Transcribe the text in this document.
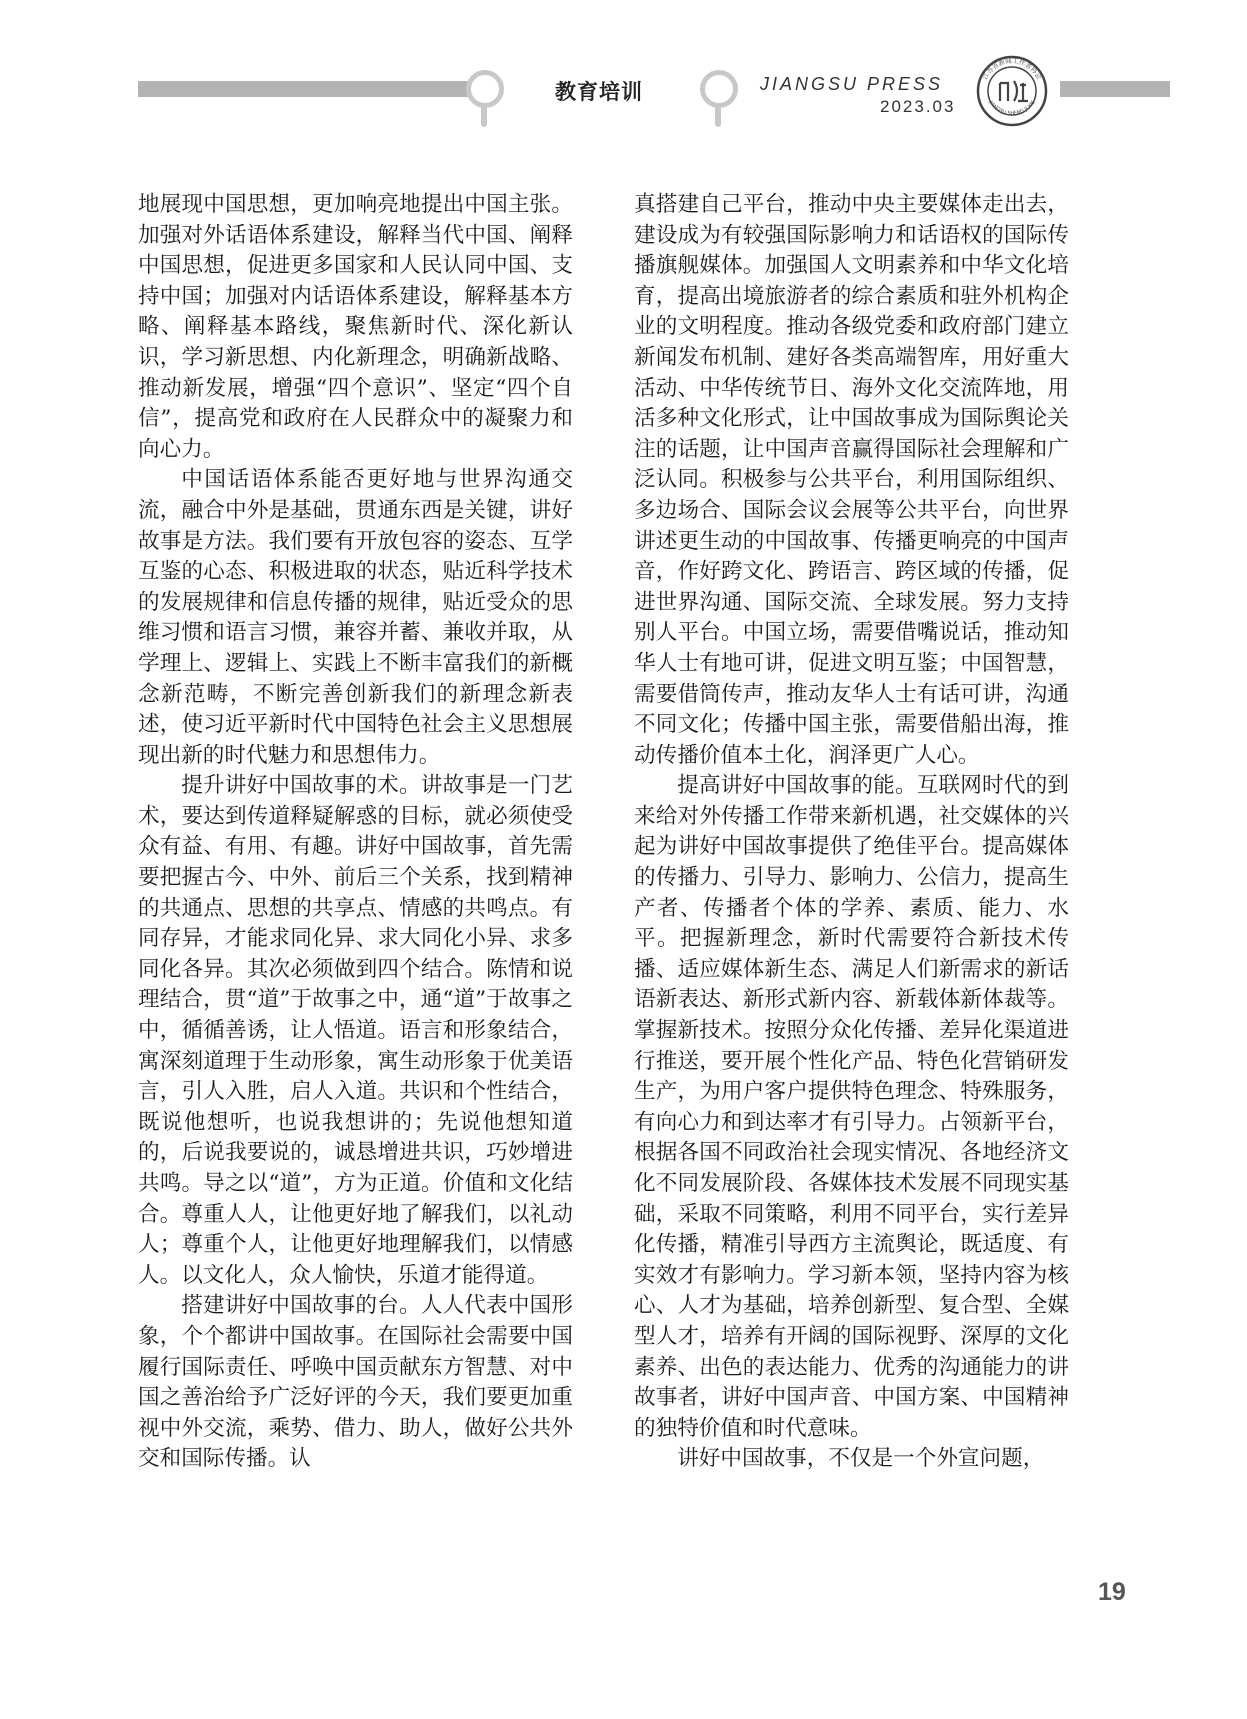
教育培训	JIANGSU PRESS
2023.03
江苏省新闻工作者协会
JIANGSU SHENG JI XIE

地展现中国思想，更加响亮地提出中国主张。加强对外话语体系建设，解释当代中国、阐释中国思想，促进更多国家和人民认同中国、支持中国；加强对内话语体系建设，解释基本方略、阐释基本路线，聚焦新时代、深化新认识，学习新思想、内化新理念，明确新战略、推动新发展，增强“四个意识”、坚定“四个自信”，提高党和政府在人民群众中的凝聚力和向心力。

中国话语体系能否更好地与世界沟通交流，融合中外是基础，贯通东西是关键，讲好故事是方法。我们要有开放包容的姿态、互学互鉴的心态、积极进取的状态，贴近科学技术的发展规律和信息传播的规律，贴近受众的思维习惯和语言习惯，兼容并蓄、兼收并取，从学理上、逻辑上、实践上不断丰富我们的新概念新范畴，不断完善创新我们的新理念新表述，使习近平新时代中国特色社会主义思想展现出新的时代魅力和思想伟力。

提升讲好中国故事的术。讲故事是一门艺术，要达到传道释疑解惑的目标，就必须使受众有益、有用、有趣。讲好中国故事，首先需要把握古今、中外、前后三个关系，找到精神的共通点、思想的共享点、情感的共鸣点。有同存异，才能求同化异、求大同化小异、求多同化各异。其次必须做到四个结合。陈情和说理结合，贯“道”于故事之中，通“道”于故事之中，循循善诱，让人悟道。语言和形象结合，寓深刻道理于生动形象，寓生动形象于优美语言，引人入胜，启人入道。共识和个性结合，既说他想听，也说我想讲的；先说他想知道的，后说我要说的，诚恳增进共识，巧妙增进共鸣。导之以“道”，方为正道。价值和文化结合。尊重人人，让他更好地了解我们，以礼动人；尊重个人，让他更好地理解我们，以情感人。以文化人，众人愉快，乐道才能得道。

搭建讲好中国故事的台。人人代表中国形象，个个都讲中国故事。在国际社会需要中国履行国际责任、呼唤中国贡献东方智慧、对中国之善治给予广泛好评的今天，我们要更加重视中外交流，乘势、借力、助人，做好公共外交和国际传播。认

真搭建自己平台，推动中央主要媒体走出去，建设成为有较强国际影响力和话语权的国际传播旗舰媒体。加强国人文明素养和中华文化培育，提高出境旅游者的综合素质和驻外机构企业的文明程度。推动各级党委和政府部门建立新闻发布机制、建好各类高端智库，用好重大活动、中华传统节日、海外文化交流阵地，用活多种文化形式，让中国故事成为国际舆论关注的话题，让中国声音赢得国际社会理解和广泛认同。积极参与公共平台，利用国际组织、多边场合、国际会议会展等公共平台，向世界讲述更生动的中国故事、传播更响亮的中国声音，作好跨文化、跨语言、跨区域的传播，促进世界沟通、国际交流、全球发展。努力支持别人平台。中国立场，需要借嘴说话，推动知华人士有地可讲，促进文明互鉴；中国智慧，需要借筒传声，推动友华人士有话可讲，沟通不同文化；传播中国主张，需要借船出海，推动传播价值本土化，润泽更广人心。

提高讲好中国故事的能。互联网时代的到来给对外传播工作带来新机遇，社交媒体的兴起为讲好中国故事提供了绝佳平台。提高媒体的传播力、引导力、影响力、公信力，提高生产者、传播者个体的学养、素质、能力、水平。把握新理念，新时代需要符合新技术传播、适应媒体新生态、满足人们新需求的新话语新表达、新形式新内容、新载体新体裁等。掌握新技术。按照分众化传播、差异化渠道进行推送，要开展个性化产品、特色化营销研发生产，为用户客户提供特色理念、特殊服务，有向心力和到达率才有引导力。占领新平台，根据各国不同政治社会现实情况、各地经济文化不同发展阶段、各媒体技术发展不同现实基础，采取不同策略，利用不同平台，实行差异化传播，精准引导西方主流舆论，既适度、有实效才有影响力。学习新本领，坚持内容为核心、人才为基础，培养创新型、复合型、全媒型人才，培养有开阔的国际视野、深厚的文化素养、出色的表达能力、优秀的沟通能力的讲故事者，讲好中国声音、中国方案、中国精神的独特价值和时代意味。

讲好中国故事，不仅是一个外宣问题，

19
